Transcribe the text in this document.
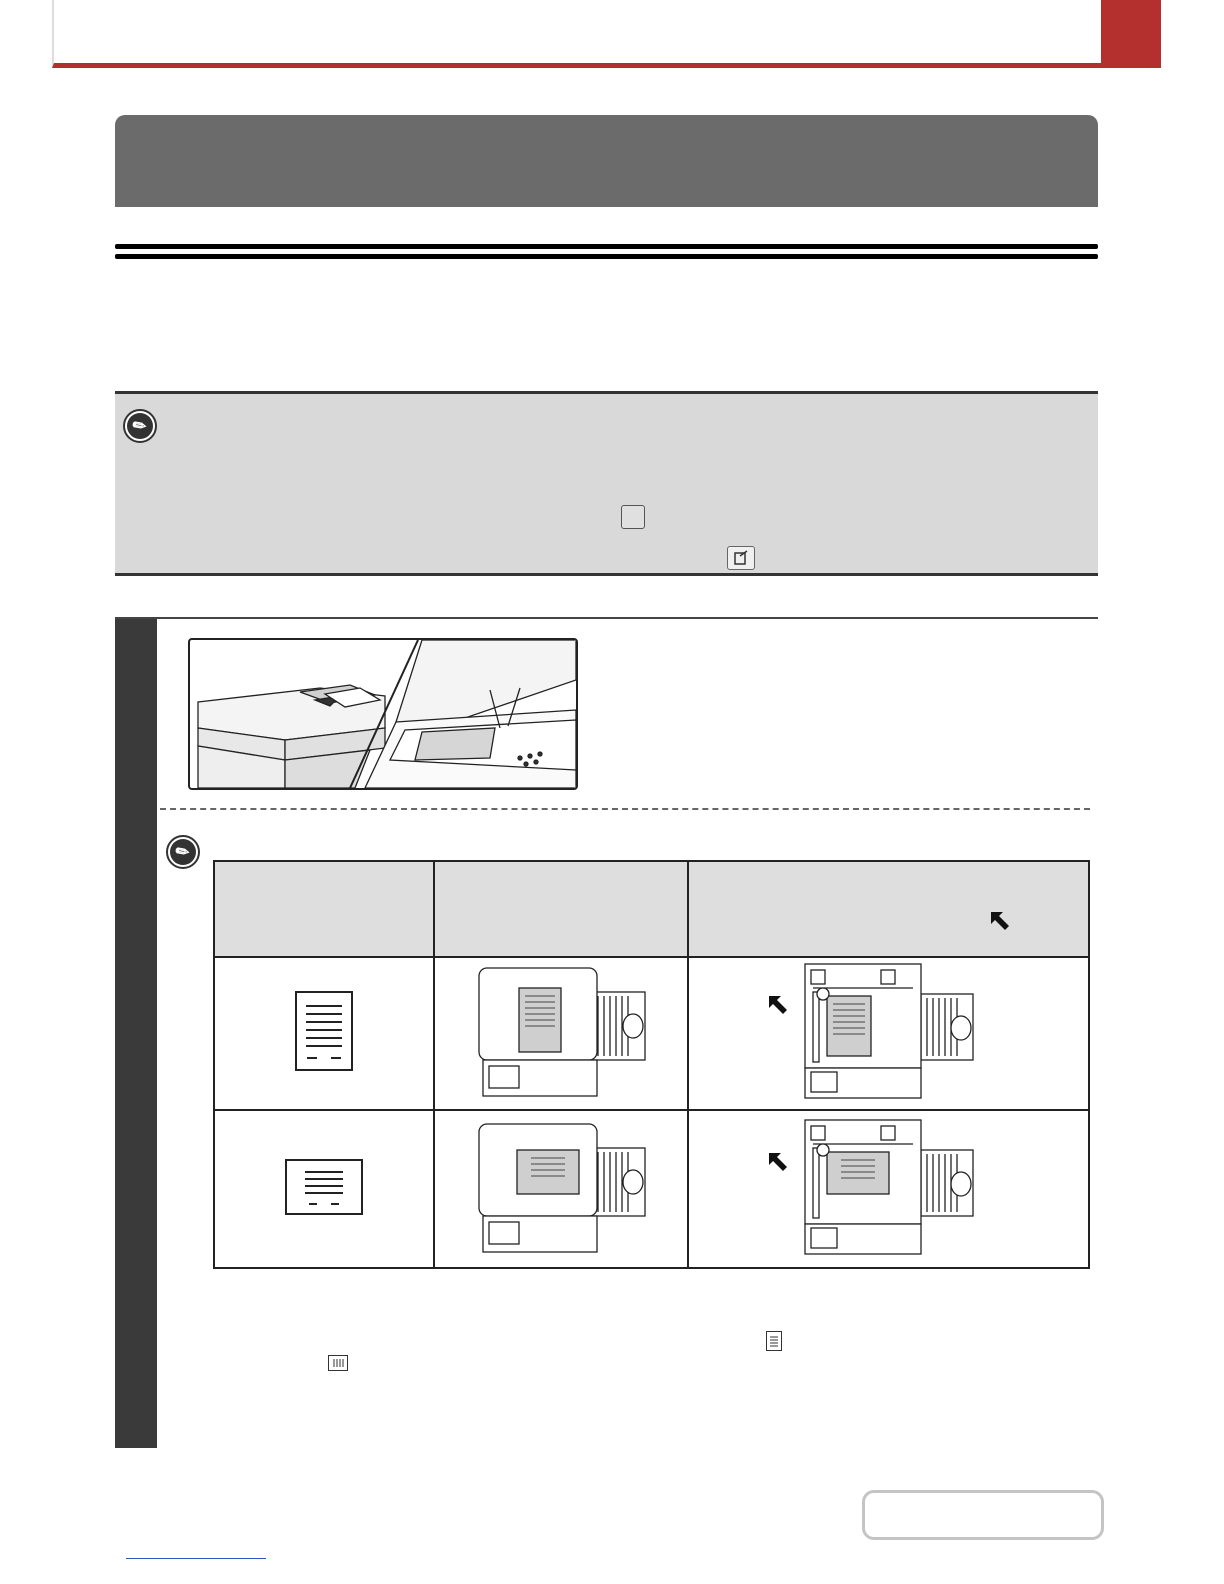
✎
✎
